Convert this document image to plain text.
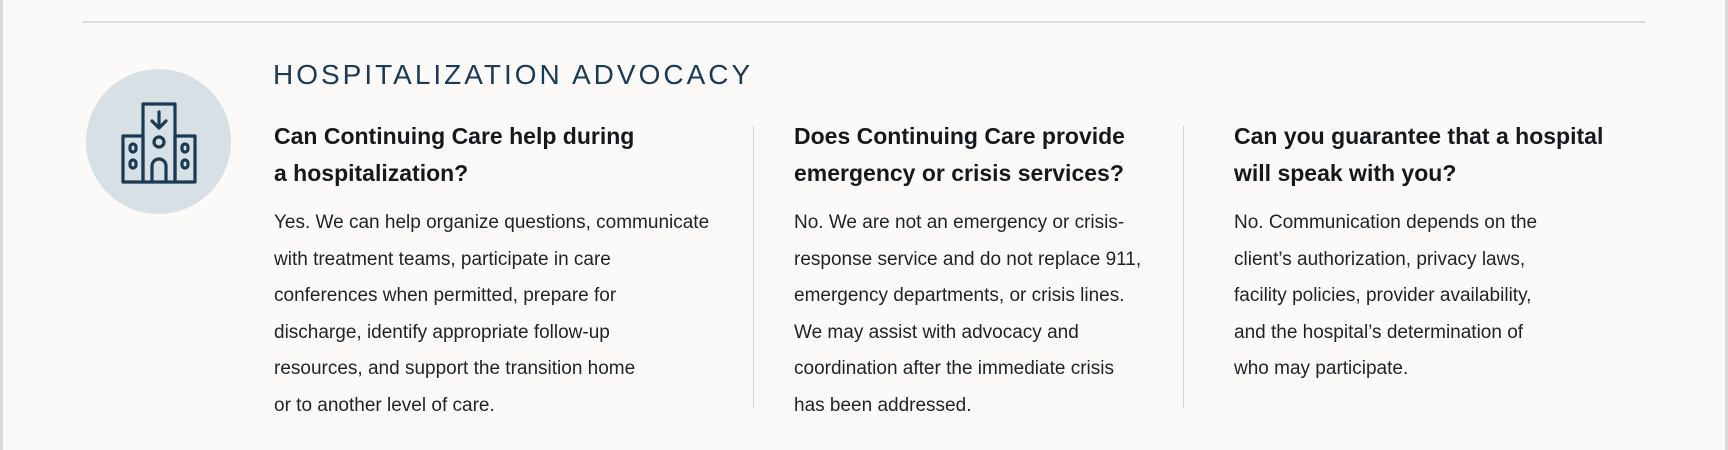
HOSPITALIZATION ADVOCACY
Can Continuing Care help during
a hospitalization?
Yes. We can help organize questions, communicate
with treatment teams, participate in care
conferences when permitted, prepare for
discharge, identify appropriate follow-up
resources, and support the transition home
or to another level of care.
Does Continuing Care provide
emergency or crisis services?
No. We are not an emergency or crisis-
response service and do not replace 911,
emergency departments, or crisis lines.
We may assist with advocacy and
coordination after the immediate crisis
has been addressed.
Can you guarantee that a hospital
will speak with you?
No. Communication depends on the
client’s authorization, privacy laws,
facility policies, provider availability,
and the hospital’s determination of
who may participate.
